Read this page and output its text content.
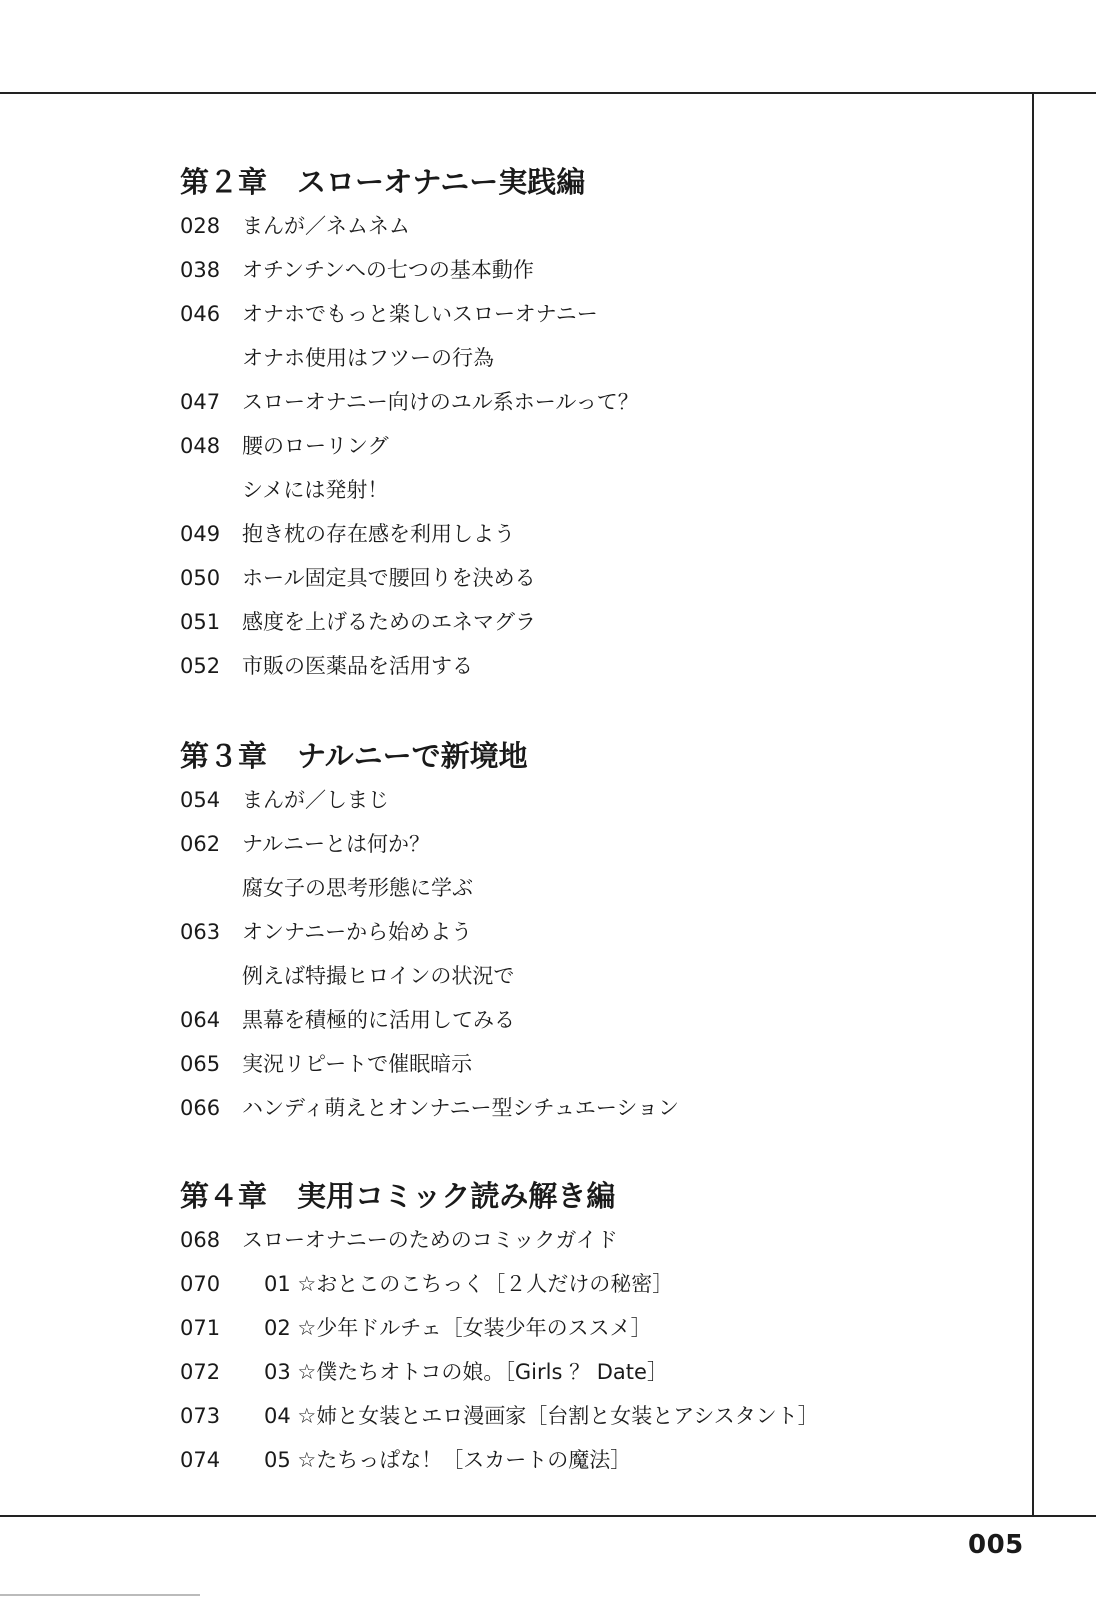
第２章 スローオナニー実践編
028	まんが／ネムネム
038	オチンチンへの七つの基本動作
046	オナホでもっと楽しいスローオナニー
オナホ使用はフツーの行為
047	スローオナニー向けのユル系ホールって？
048	腰のローリング
シメには発射！
049	抱き枕の存在感を利用しよう
050	ホール固定具で腰回りを決める
051	感度を上げるためのエネマグラ
052	市販の医薬品を活用する
第３章 ナルニーで新境地
054	まんが／しまじ
062	ナルニーとは何か？
腐女子の思考形態に学ぶ
063	オンナニーから始めよう
例えば特撮ヒロインの状況で
064	黒幕を積極的に活用してみる
065	実況リピートで催眠暗示
066	ハンディ萌えとオンナニー型シチュエーション
第４章 実用コミック読み解き編
068	スローオナニーのためのコミックガイド
070	01 ☆おとこのこちっく［２人だけの秘密］
071	02 ☆少年ドルチェ［女装少年のススメ］
072	03 ☆僕たちオトコの娘。［Girls ？ Date］
073	04 ☆姉と女装とエロ漫画家［台割と女装とアシスタント］
074	05 ☆たちっぱな！［スカートの魔法］
005
